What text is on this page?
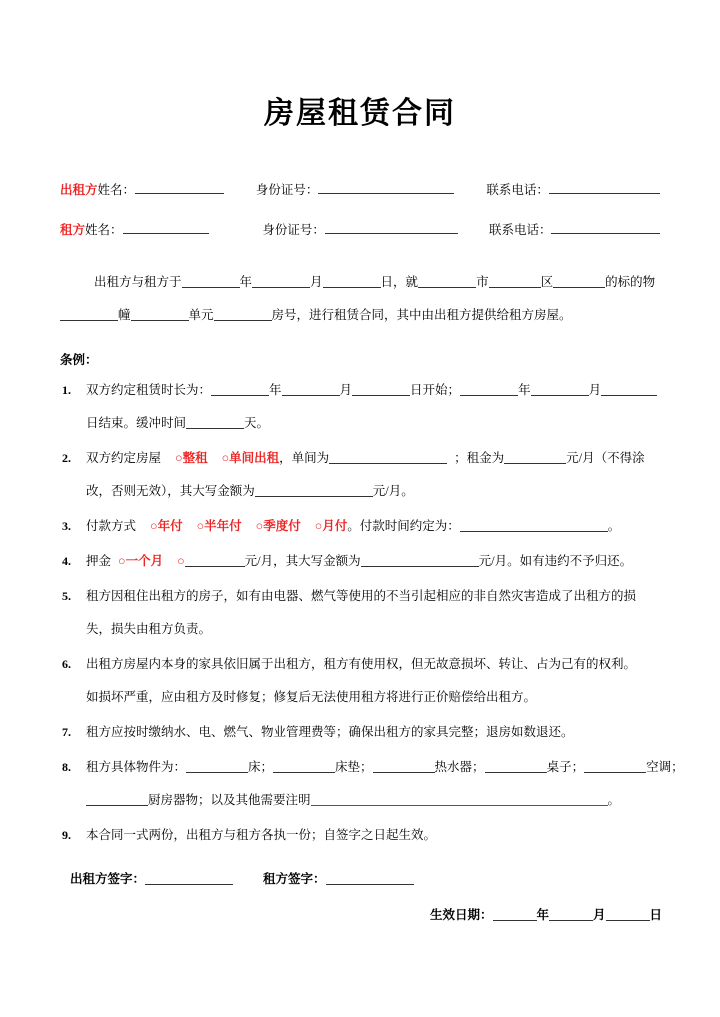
房屋租赁合同
出租方 姓名：	身份证号：	联系电话：
租方 姓名：	身份证号：	联系电话：
出租方与租方于	年	月	日，就	市	区	的标的物幢	单元	房号，进行租赁合同，其中由出租方提供给租方房屋。
条例：
1. 双方约定租赁时长为：	年	月	日开始；	年	月
日结束。缓冲时间	天。
2. 双方约定房屋 ○整租 ○单间出租，单间为	；租金为	元/月（不得涂
改，否则无效），其大写金额为	元/月。
3. 付款方式 ○年付 ○半年付 ○季度付 ○月付。付款时间约定为：	。
4. 押金 ○一个月 ○	元/月，其大写金额为	元/月。如有违约不予归还。
5. 租方因租住出租方的房子，如有由电器、燃气等使用的不当引起相应的非自然灾害造成了出租方的损
失，损失由租方负责。
6. 出租方房屋内本身的家具依旧属于出租方，租方有使用权，但无故意损坏、转让、占为己有的权利。
如损坏严重，应由租方及时修复；修复后无法使用租方将进行正价赔偿给出租方。
7. 租方应按时缴纳水、电、燃气、物业管理费等；确保出租方的家具完整；退房如数退还。
8. 租方具体物件为：	床；	床垫；	热水器；	桌子；	空调；
厨房器物；以及其他需要注明	。
9. 本合同一式两份，出租方与租方各执一份；自签字之日起生效。
出租方签字：	租方签字：
生效日期：	年	月	日
